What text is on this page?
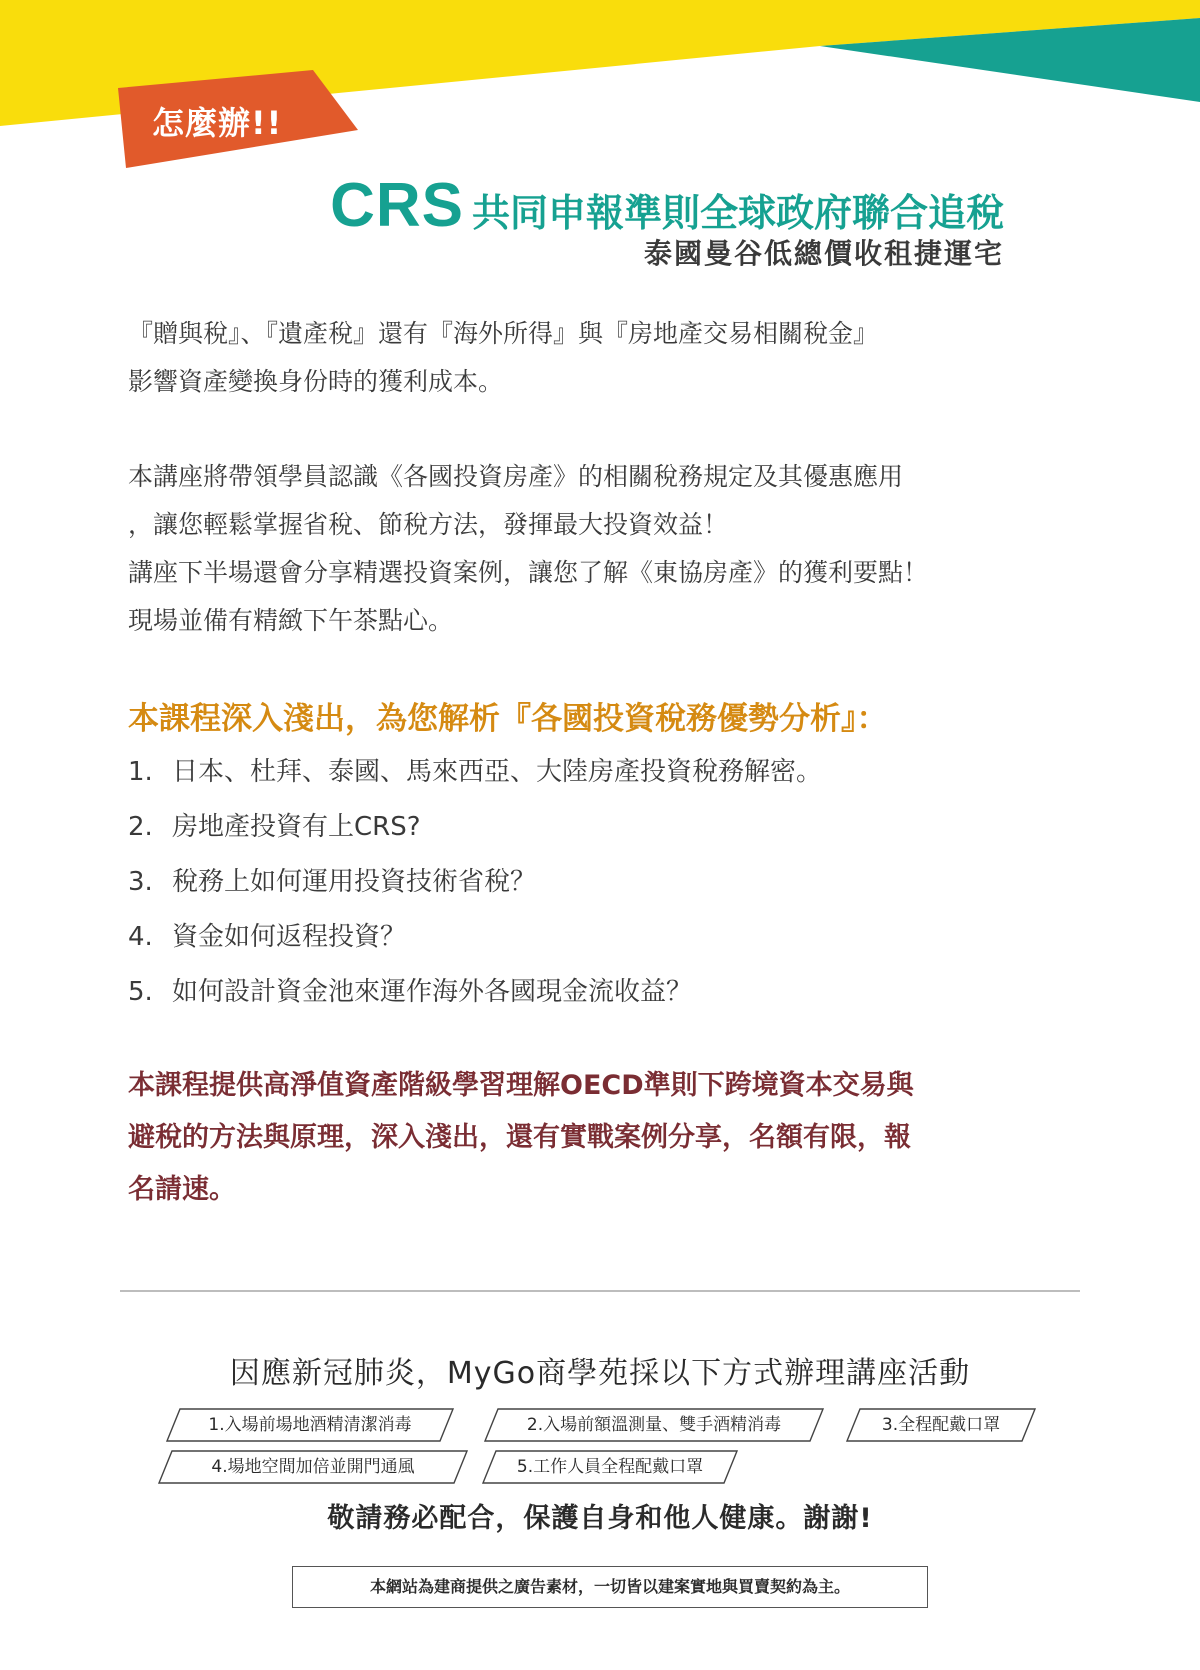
怎麼辦!!
CRS 共同申報準則全球政府聯合追稅
泰國曼谷低總價收租捷運宅

『贈與稅』、『遺產稅』還有『海外所得』與『房地產交易相關稅金』

影響資產變換身份時的獲利成本。

本講座將帶領學員認識《各國投資房產》的相關稅務規定及其優惠應用

，讓您輕鬆掌握省稅、節稅方法，發揮最大投資效益！

講座下半場還會分享精選投資案例，讓您了解《東協房產》的獲利要點！

現場並備有精緻下午茶點心。

本課程深入淺出，為您解析『各國投資稅務優勢分析』：
1. 日本、杜拜、泰國、馬來西亞、大陸房產投資稅務解密。
2. 房地產投資有上CRS?
3. 稅務上如何運用投資技術省稅？
4. 資金如何返程投資？
5. 如何設計資金池來運作海外各國現金流收益？

本課程提供高淨值資產階級學習理解OECD準則下跨境資本交易與

避稅的方法與原理，深入淺出，還有實戰案例分享，名額有限，報

名請速。

因應新冠肺炎，MyGo商學苑採以下方式辦理講座活動
1.入場前場地酒精清潔消毒	2.入場前額溫測量、雙手酒精消毒	3.全程配戴口罩
4.場地空間加倍並開門通風	5.工作人員全程配戴口罩
敬請務必配合，保護自身和他人健康。謝謝!
本網站為建商提供之廣告素材，一切皆以建案實地與買賣契約為主。
